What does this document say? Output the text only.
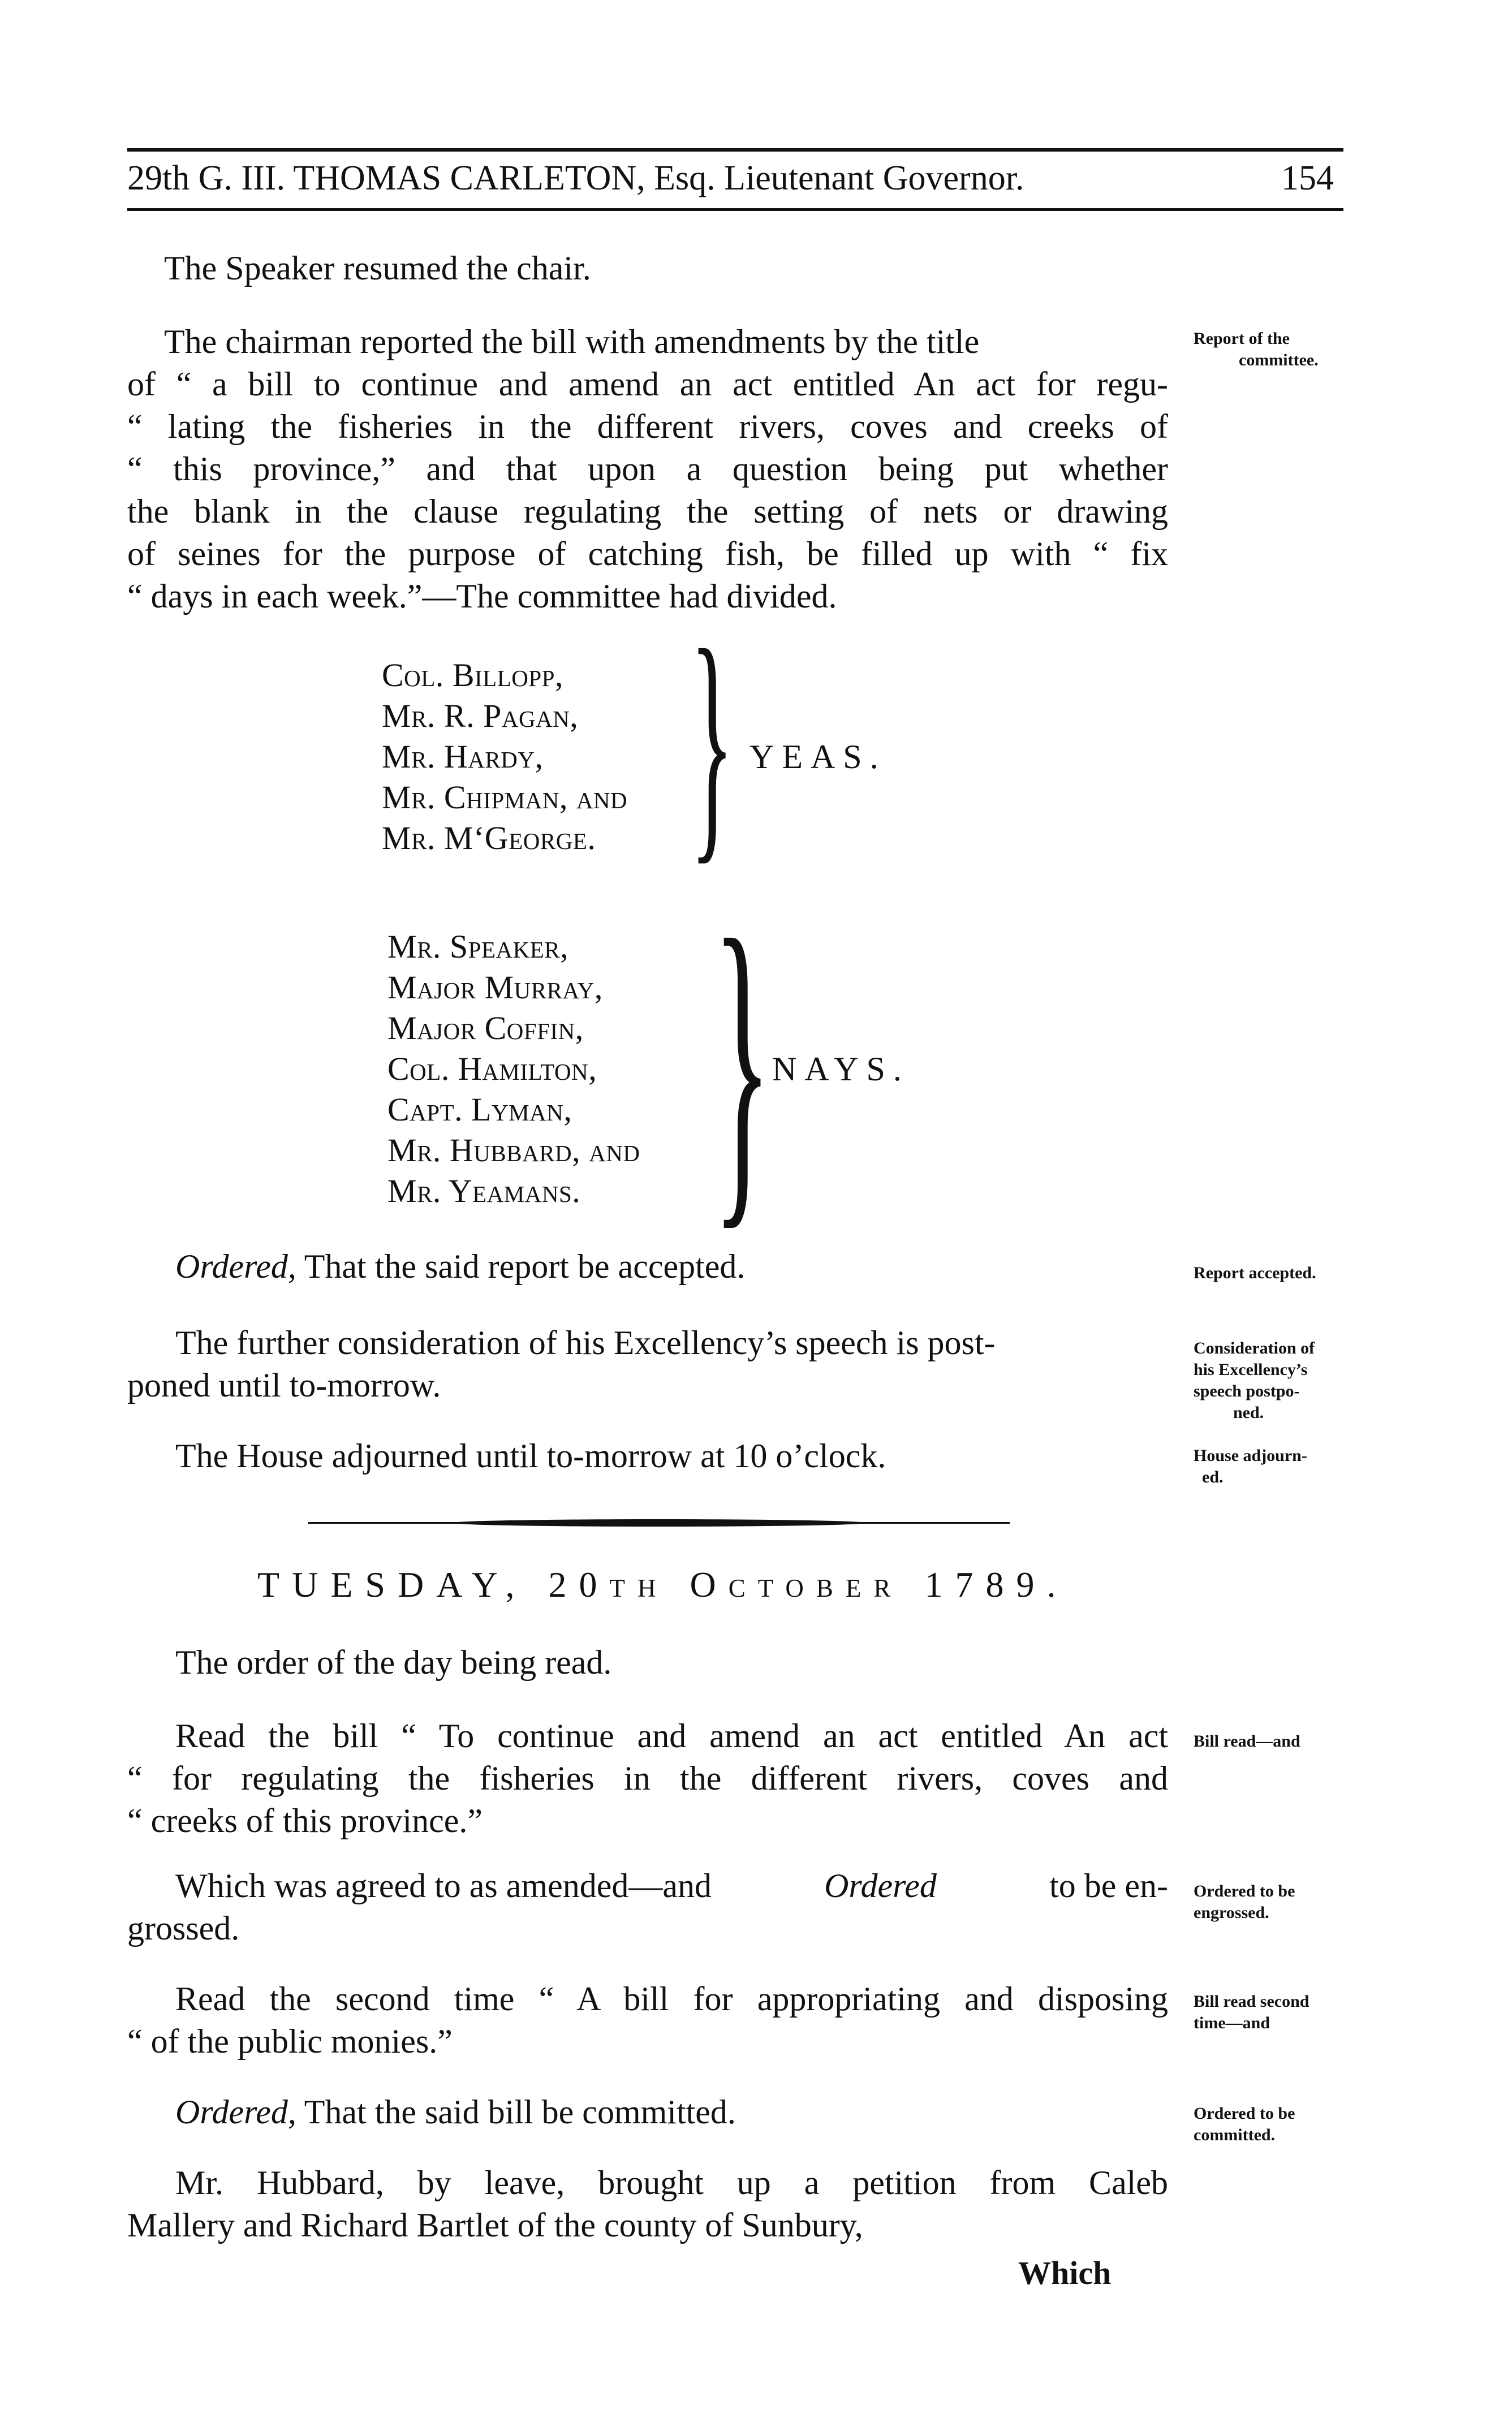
29th G. III. THOMAS CARLETON, Esq. Lieutenant Governor.	154
The Speaker resumed the chair.
The chairman reported the bill with amendments by the title
of “ a bill to continue and amend an act entitled An act for regu-
“ lating the fisheries in the different rivers, coves and creeks of
“ this province,” and that upon a question being put whether
the blank in the clause regulating the setting of nets or drawing
of seines for the purpose of catching fish, be filled up with “ fix
“ days in each week.”—The committee had divided.
Report of the
committee.
Col. Billopp,
Mr. R. Pagan,
Mr. Hardy,
Mr. Chipman, and
Mr. M‘George. } YEAS.
Mr. Speaker,
Major Murray,
Major Coffin,
Col. Hamilton,
Capt. Lyman,
Mr. Hubbard, and
Mr. Yeamans. } NAYS.
Ordered, That the said report be accepted.	Report accepted.
The further consideration of his Excellency’s speech is post-
poned until to-morrow.
Consideration of
his Excellency’s
speech postpo-
ned.
The House adjourned until to-morrow at 10 o’clock.	House adjourn-
ed.
TUESDAY, 20th October 1789.
The order of the day being read.
Read the bill “ To continue and amend an act entitled An act
“ for regulating the fisheries in the different rivers, coves and
“ creeks of this province.”
Bill read—and
Which was agreed to as amended—and	Ordered	to be en-
grossed.
Ordered to be
engrossed.
Read the second time “ A bill for appropriating and disposing
“ of the public monies.”
Bill read second
time—and
Ordered, That the said bill be committed.	Ordered to be
committed.
Mr. Hubbard, by leave, brought up a petition from Caleb
Mallery and Richard Bartlet of the county of Sunbury,
Which
